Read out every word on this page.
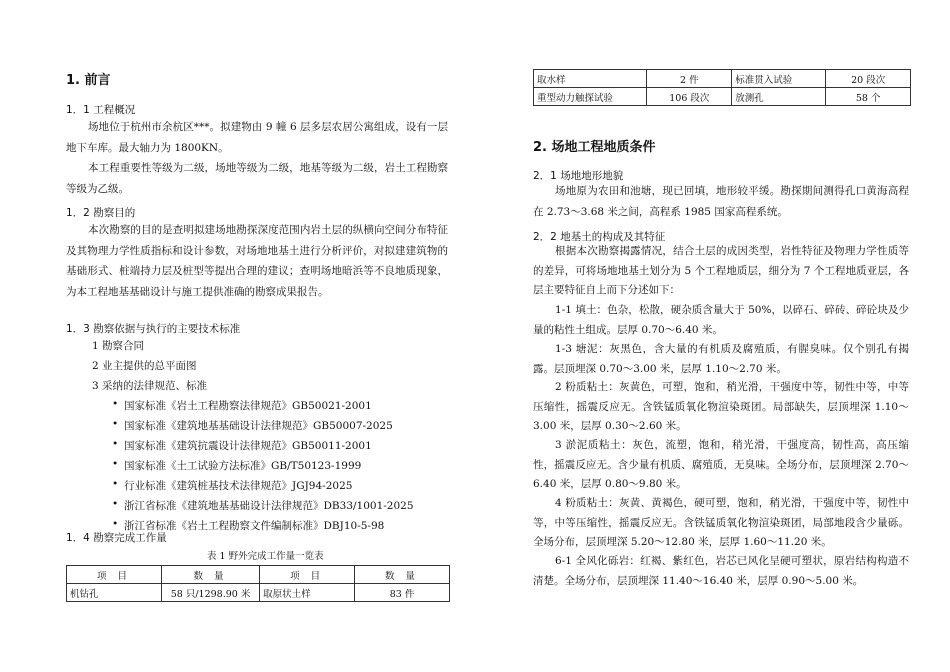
1. 前言
1．1 工程概况
场地位于杭州市余杭区***。拟建物由 9 幢 6 层多层农居公寓组成，设有一层地下车库。最大轴力为 1800KN。
本工程重要性等级为二级，场地等级为二级，地基等级为二级，岩土工程勘察等级为乙级。
1．2 勘察目的
本次勘察的目的是查明拟建场地勘探深度范围内岩土层的纵横向空间分布特征及其物理力学性质指标和设计参数，对场地地基土进行分析评价，对拟建建筑物的基础形式、桩端持力层及桩型等提出合理的建议；查明场地暗浜等不良地质现象，为本工程地基基础设计与施工提供准确的勘察成果报告。
1．3 勘察依据与执行的主要技术标准
1 勘察合同
2 业主提供的总平面图
3 采纳的法律规范、标准
• 国家标准《岩土工程勘察法律规范》GB50021-2001
• 国家标准《建筑地基基础设计法律规范》GB50007-2025
• 国家标准《建筑抗震设计法律规范》GB50011-2001
• 国家标准《土工试验方法标准》GB/T50123-1999
• 行业标准《建筑桩基技术法律规范》JGJ94-2025
• 浙江省标准《建筑地基基础设计法律规范》DB33/1001-2025
• 浙江省标准《岩土工程勘察文件编制标准》DBJ10-5-98
1．4 勘察完成工作量
表 1 野外完成工作量一览表
项 目	数 量	项 目	数 量
机钻孔	58 只/1298.90 米	取原状土样	83 件
取水样	2 件	标准贯入试验	20 段次
重型动力触探试验	106 段次	放测孔	58 个
2. 场地工程地质条件
2．1 场地地形地貌
场地原为农田和池塘，现已回填，地形较平缓。勘探期间测得孔口黄海高程在 2.73～3.68 米之间，高程系 1985 国家高程系统。
2．2 地基土的构成及其特征
根据本次勘察揭露情况，结合土层的成因类型，岩性特征及物理力学性质等的差异，可将场地地基土划分为 5 个工程地质层，细分为 7 个工程地质亚层，各层主要特征自上而下分述如下：
1-1 填土：色杂，松散，硬杂质含量大于 50%，以碎石、碎砖、碎砼块及少量的粘性土组成。层厚 0.70～6.40 米。
1-3 塘泥：灰黑色，含大量的有机质及腐殖质，有腥臭味。仅个别孔有揭露。层顶埋深 0.70～3.00 米，层厚 1.10～2.70 米。
2 粉质粘土：灰黄色，可塑，饱和，稍光滑，干强度中等，韧性中等，中等压缩性，摇震反应无。含铁锰质氧化物渲染斑团。局部缺失，层顶埋深 1.10～3.00 米，层厚 0.30～2.60 米。
3 淤泥质粘土：灰色，流塑，饱和，稍光滑，干强度高，韧性高，高压缩性，摇震反应无。含少量有机质、腐殖质，无臭味。全场分布，层顶埋深 2.70～6.40 米，层厚 0.80～9.80 米。
4 粉质粘土：灰黄、黄褐色，硬可塑，饱和，稍光滑，干强度中等，韧性中等，中等压缩性，摇震反应无。含铁锰质氧化物渲染斑团，局部地段含少量砾。全场分布，层顶埋深 5.20～12.80 米，层厚 1.60～11.20 米。
6-1 全风化砾岩：红褐、紫红色，岩芯已风化呈硬可塑状，原岩结构构造不清楚。全场分布，层顶埋深 11.40～16.40 米，层厚 0.90～5.00 米。
